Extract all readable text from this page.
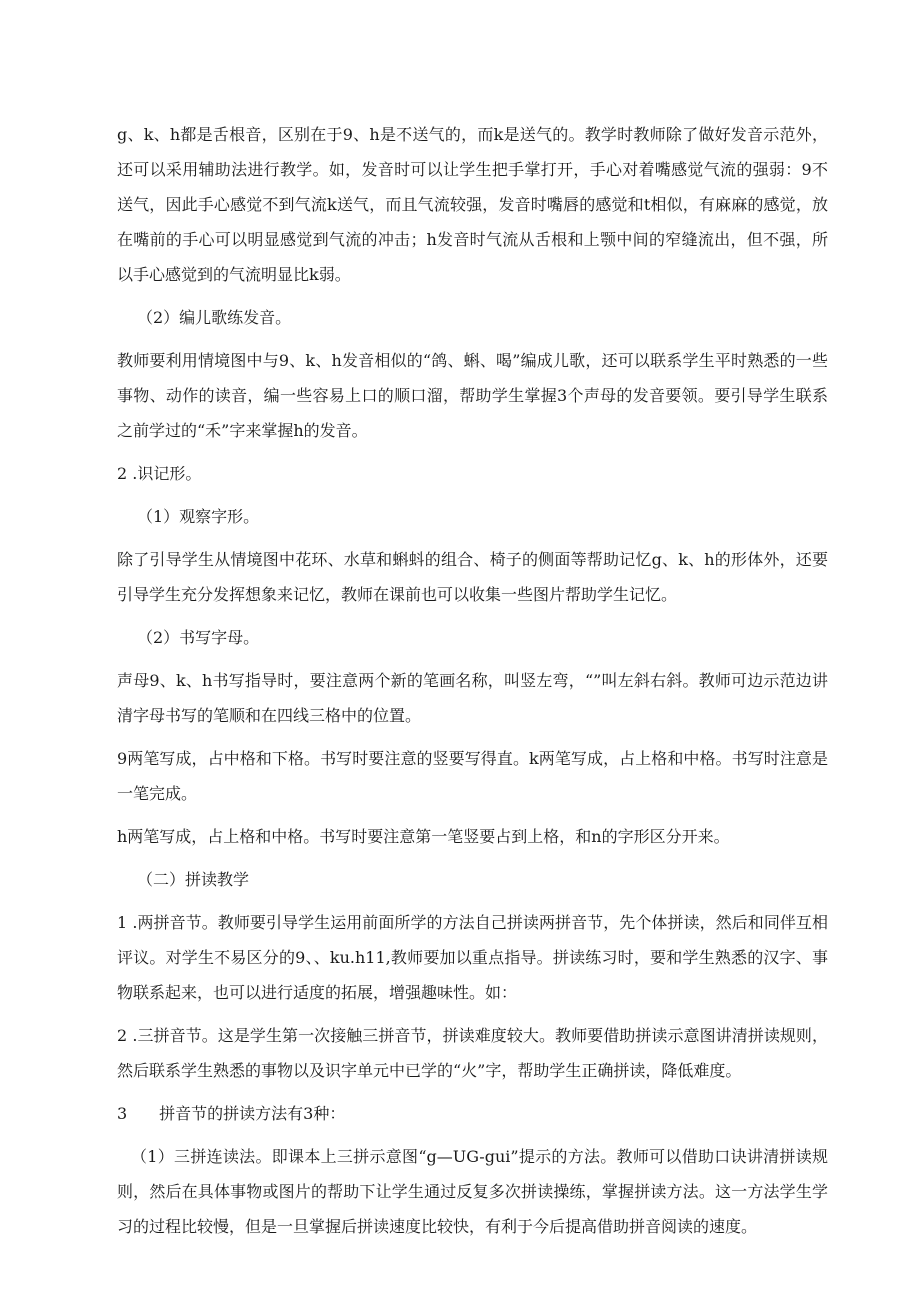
g、k、h都是舌根音，区别在于9、h是不送气的，而k是送气的。教学时教师除了做好发音示范外，还可以采用辅助法进行教学。如，发音时可以让学生把手掌打开，手心对着嘴感觉气流的强弱：9不送气，因此手心感觉不到气流k送气，而且气流较强，发音时嘴唇的感觉和t相似，有麻麻的感觉，放在嘴前的手心可以明显感觉到气流的冲击；h发音时气流从舌根和上颚中间的窄缝流出，但不强，所以手心感觉到的气流明显比k弱。

（2）编儿歌练发音。

教师要利用情境图中与9、k、h发音相似的“鸽、蝌、喝”编成儿歌，还可以联系学生平时熟悉的一些事物、动作的读音，编一些容易上口的顺口溜，帮助学生掌握3个声母的发音要领。要引导学生联系之前学过的“禾”字来掌握h的发音。

2 .识记形。

（1）观察字形。

除了引导学生从情境图中花环、水草和蝌蚪的组合、椅子的侧面等帮助记忆g、k、h的形体外，还要引导学生充分发挥想象来记忆，教师在课前也可以收集一些图片帮助学生记忆。

（2）书写字母。

声母9、k、h书写指导时，要注意两个新的笔画名称，叫竖左弯，“”叫左斜右斜。教师可边示范边讲清字母书写的笔顺和在四线三格中的位置。

9两笔写成，占中格和下格。书写时要注意的竖要写得直。k两笔写成，占上格和中格。书写时注意是一笔完成。

h两笔写成，占上格和中格。书写时要注意第一笔竖要占到上格，和n的字形区分开来。

（二）拼读教学

1 .两拼音节。教师要引导学生运用前面所学的方法自己拼读两拼音节，先个体拼读，然后和同伴互相评议。对学生不易区分的9、、ku.h11,教师要加以重点指导。拼读练习时，要和学生熟悉的汉字、事物联系起来，也可以进行适度的拓展，增强趣味性。如：

2 .三拼音节。这是学生第一次接触三拼音节，拼读难度较大。教师要借助拼读示意图讲清拼读规则，然后联系学生熟悉的事物以及识字单元中已学的“火”字，帮助学生正确拼读，降低难度。

3　　拼音节的拼读方法有3种：

（1）三拼连读法。即课本上三拼示意图“g—UG-gui”提示的方法。教师可以借助口诀讲清拼读规则，然后在具体事物或图片的帮助下让学生通过反复多次拼读操练，掌握拼读方法。这一方法学生学习的过程比较慢，但是一旦掌握后拼读速度比较快，有利于今后提高借助拼音阅读的速度。
